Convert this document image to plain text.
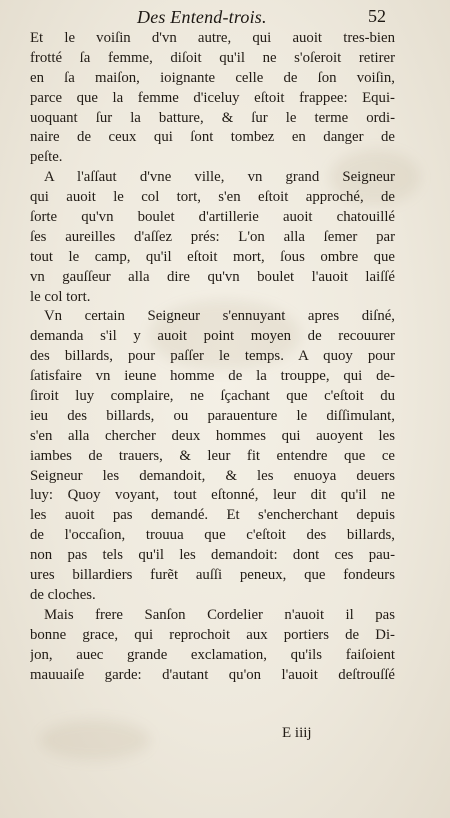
Des Entend-trois.	52
Et le voiſin d'vn autre, qui auoit tres-bien
frotté ſa femme, diſoit qu'il ne s'oſeroit retirer
en ſa maiſon, ioignante celle de ſon voiſin,
parce que la femme d'iceluy eſtoit frappee: Equi-
uoquant ſur la batture, & ſur le terme ordi-
naire de ceux qui ſont tombez en danger de
peſte.
A l'aſſaut d'vne ville, vn grand Seigneur
qui auoit le col tort, s'en eſtoit approché, de
ſorte qu'vn boulet d'artillerie auoit chatouillé
ſes aureilles d'aſſez prés: L'on alla ſemer par
tout le camp, qu'il eſtoit mort, ſous ombre que
vn gauſſeur alla dire qu'vn boulet l'auoit laiſſé
le col tort.
Vn certain Seigneur s'ennuyant apres diſné,
demanda s'il y auoit point moyen de recouurer
des billards, pour paſſer le temps. A quoy pour
ſatisfaire vn ieune homme de la trouppe, qui de-
ſiroit luy complaire, ne ſçachant que c'eſtoit du
ieu des billards, ou parauenture le diſſimulant,
s'en alla chercher deux hommes qui auoyent les
iambes de trauers, & leur fit entendre que ce
Seigneur les demandoit, & les enuoya deuers
luy: Quoy voyant, tout eſtonné, leur dit qu'il ne
les auoit pas demandé. Et s'encherchant depuis
de l'occaſion, trouua que c'eſtoit des billards,
non pas tels qu'il les demandoit: dont ces pau-
ures billardiers furẽt auſſi peneux, que fondeurs
de cloches.
Mais frere Sanſon Cordelier n'auoit il pas
bonne grace, qui reprochoit aux portiers de Di-
jon, auec grande exclamation, qu'ils faiſoient
mauuaiſe garde: d'autant qu'on l'auoit deſtrouſſé
E iiij
